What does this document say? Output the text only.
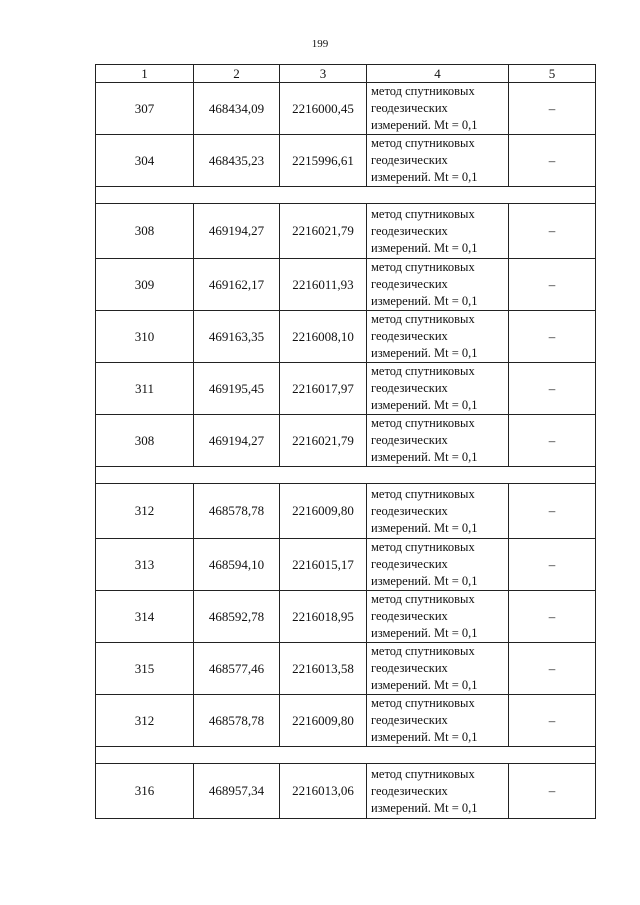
199
1	2	3	4	5
307	468434,09	2216000,45	метод спутниковых
геодезических
измерений. Mt = 0,1	–
304	468435,23	2215996,61	метод спутниковых
геодезических
измерений. Mt = 0,1	–

308	469194,27	2216021,79	метод спутниковых
геодезических
измерений. Mt = 0,1	–
309	469162,17	2216011,93	метод спутниковых
геодезических
измерений. Mt = 0,1	–
310	469163,35	2216008,10	метод спутниковых
геодезических
измерений. Mt = 0,1	–
311	469195,45	2216017,97	метод спутниковых
геодезических
измерений. Mt = 0,1	–
308	469194,27	2216021,79	метод спутниковых
геодезических
измерений. Mt = 0,1	–

312	468578,78	2216009,80	метод спутниковых
геодезических
измерений. Mt = 0,1	–
313	468594,10	2216015,17	метод спутниковых
геодезических
измерений. Mt = 0,1	–
314	468592,78	2216018,95	метод спутниковых
геодезических
измерений. Mt = 0,1	–
315	468577,46	2216013,58	метод спутниковых
геодезических
измерений. Mt = 0,1	–
312	468578,78	2216009,80	метод спутниковых
геодезических
измерений. Mt = 0,1	–

316	468957,34	2216013,06	метод спутниковых
геодезических
измерений. Mt = 0,1	–
